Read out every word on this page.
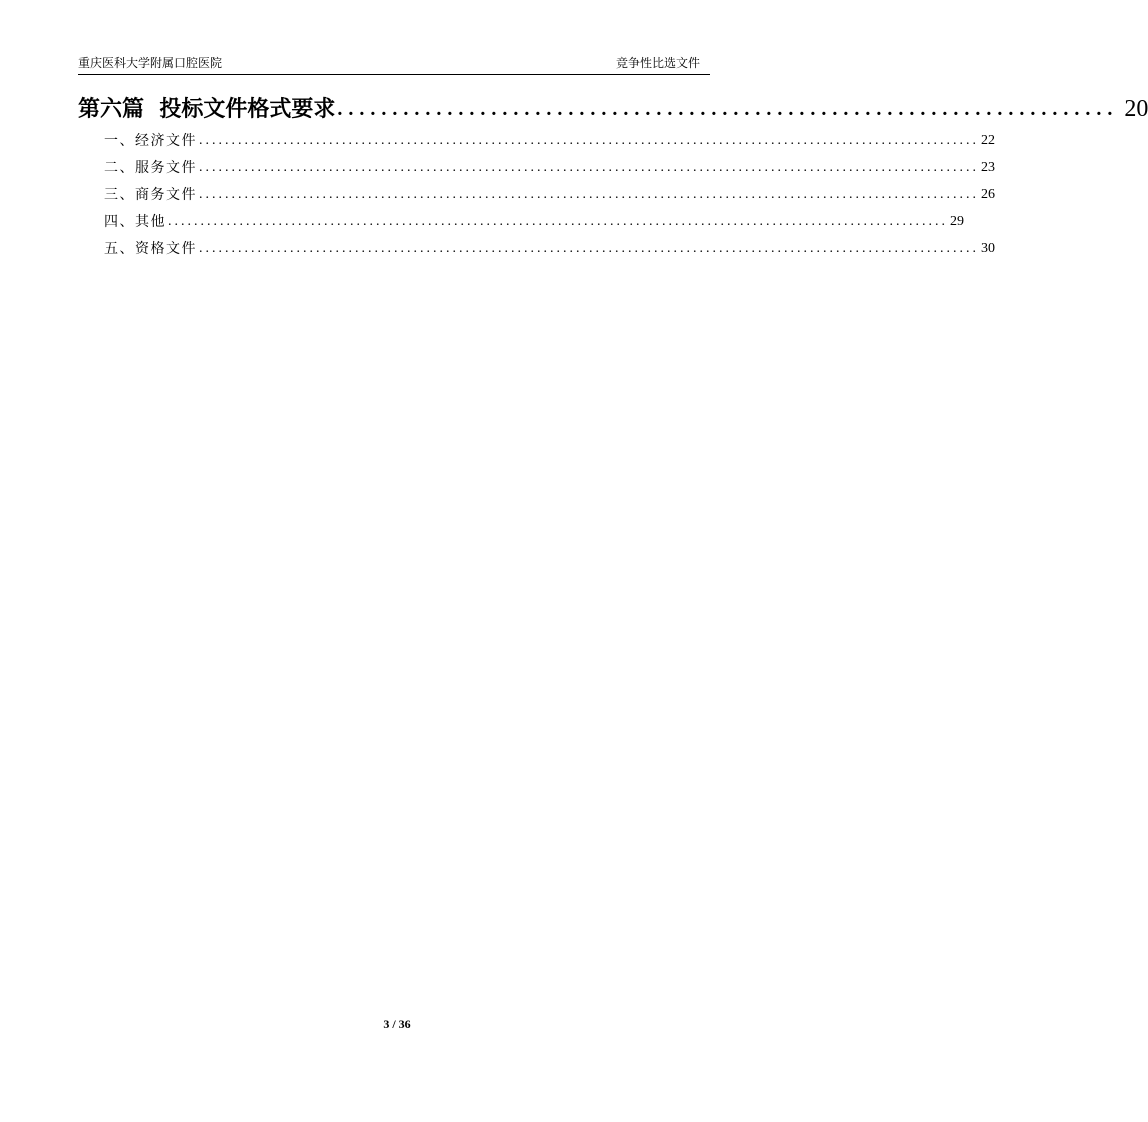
重庆医科大学附属口腔医院	竞争性比选文件
第六篇  投标文件格式要求 ....................................................................... 20
一、经济文件 ........................................................................................................................ 22
二、服务文件 ........................................................................................................................ 23
三、商务文件 ........................................................................................................................ 26
四、其他 ........................................................................................................................ 29
五、资格文件 ........................................................................................................................ 30
3 / 36
